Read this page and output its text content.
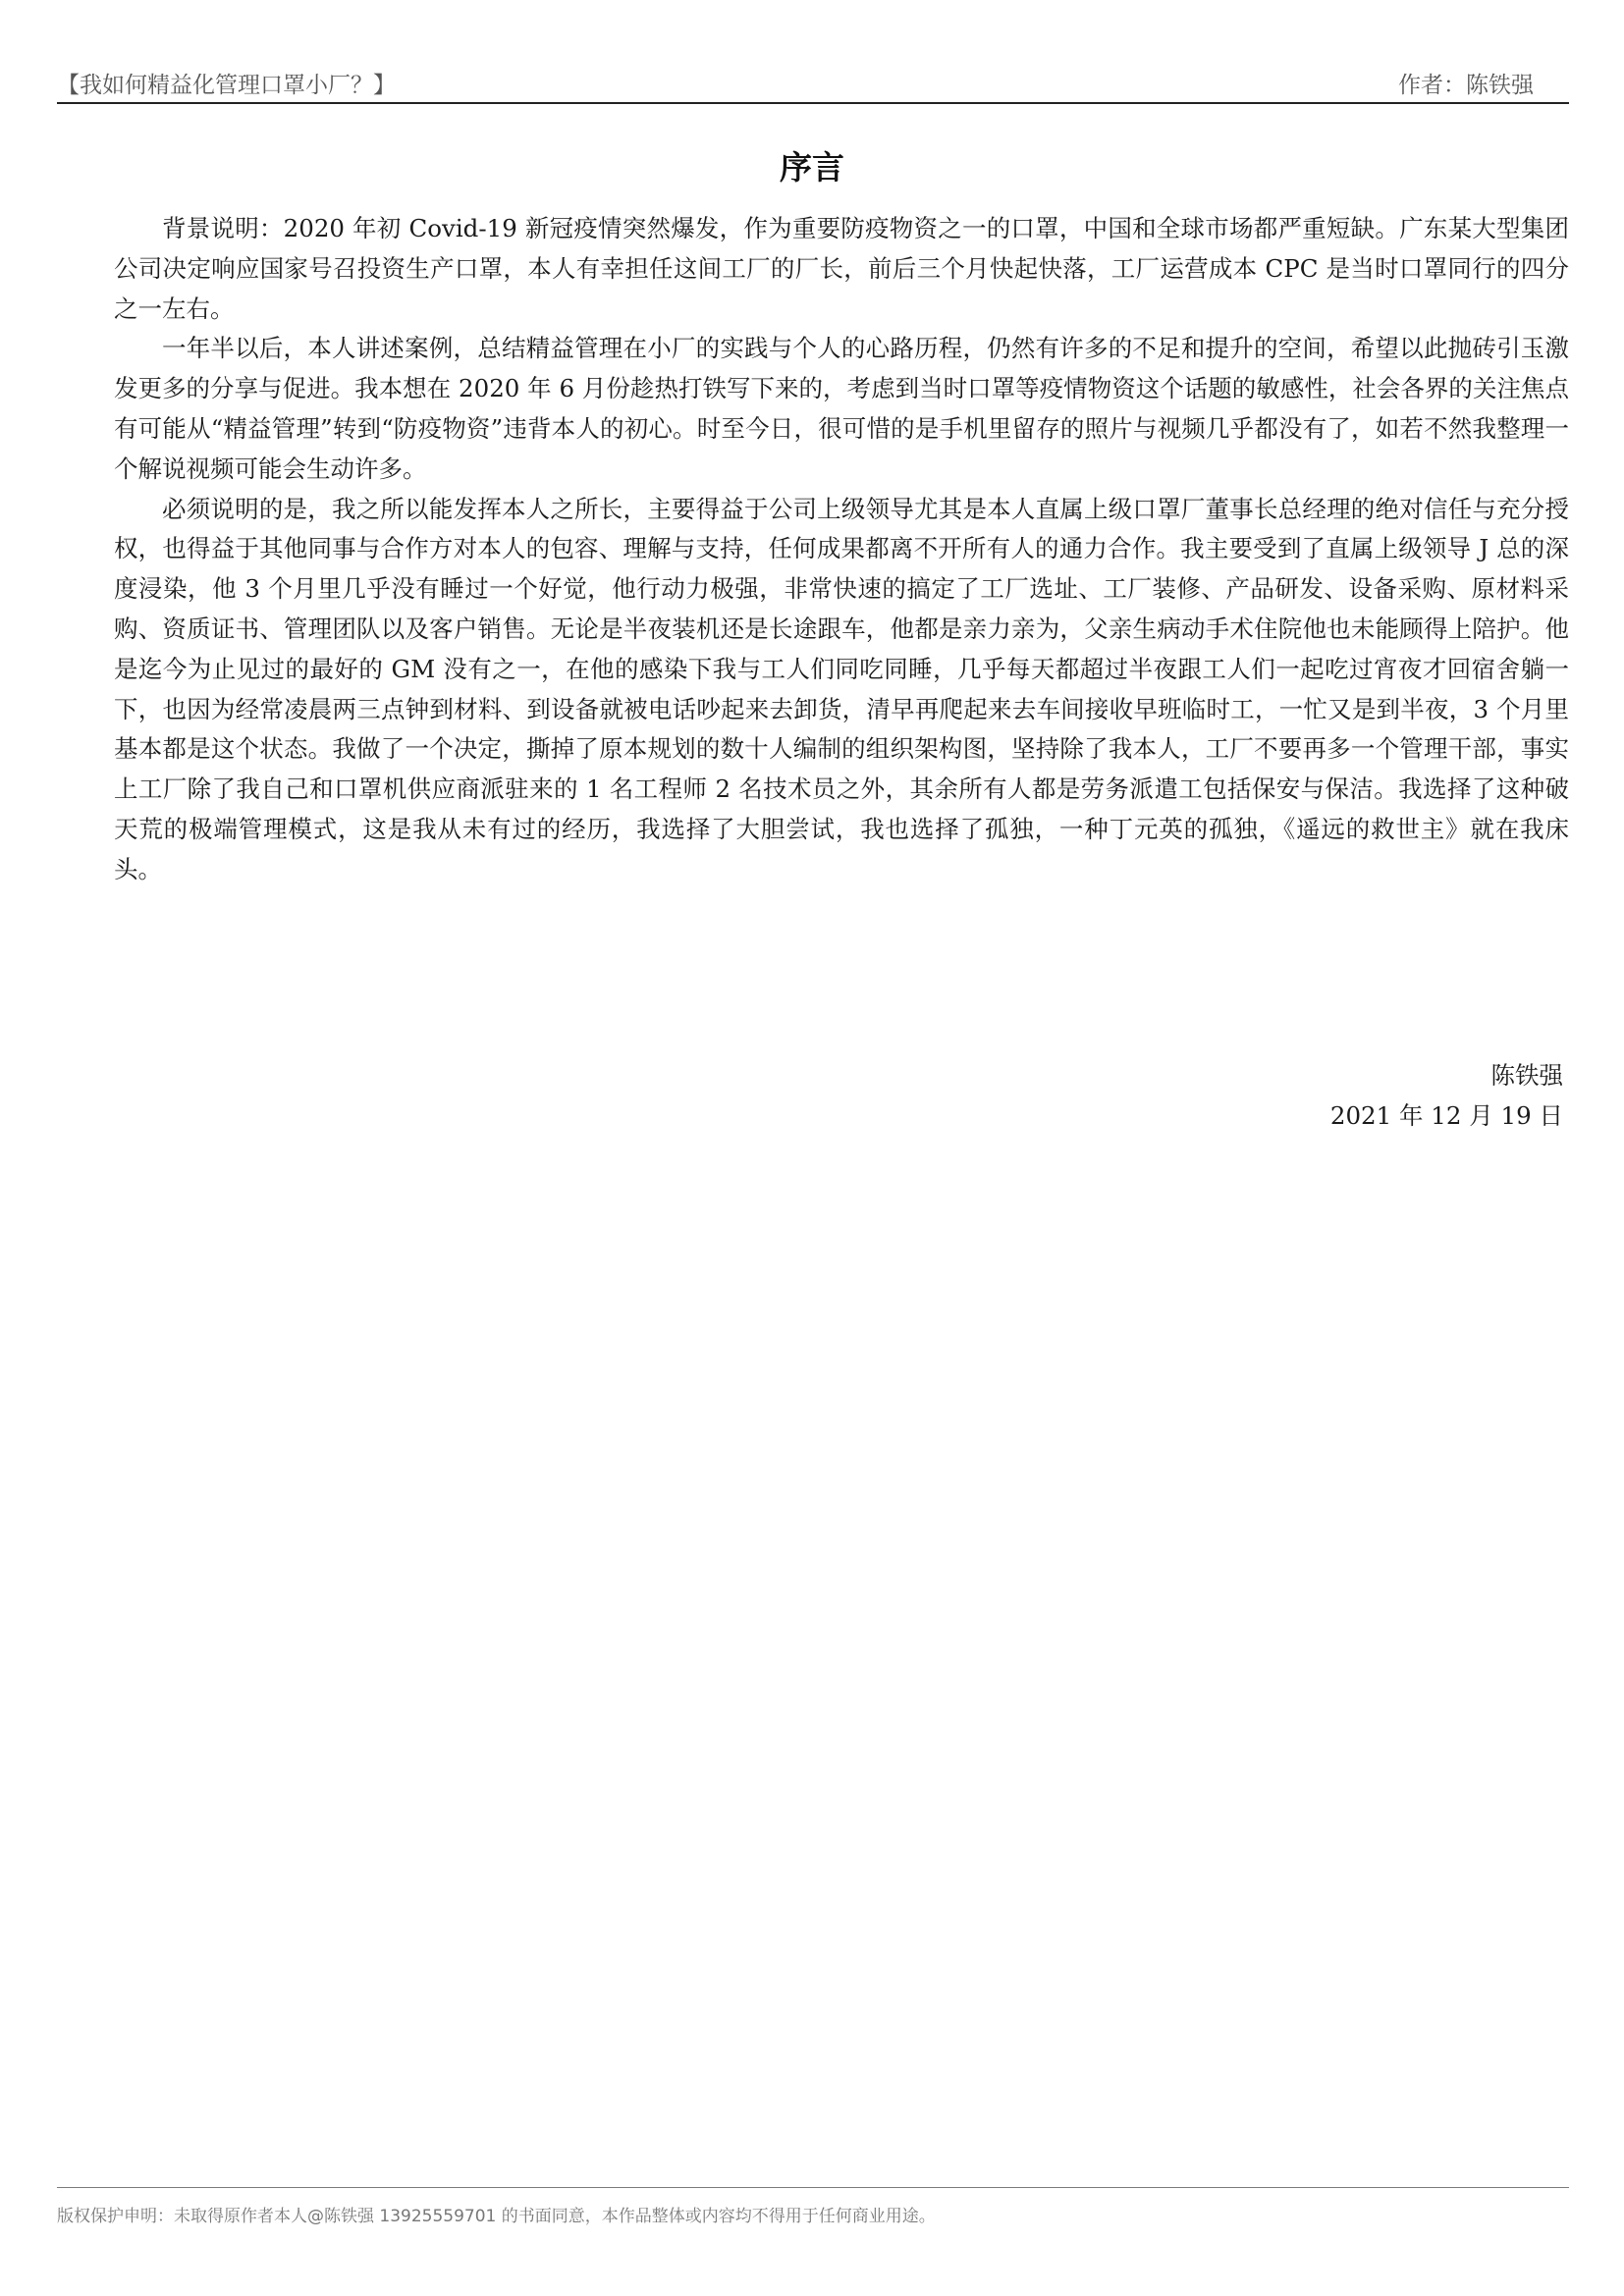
【我如何精益化管理口罩小厂？】	作者：陈铁强
序言

背景说明：2020 年初 Covid-19 新冠疫情突然爆发，作为重要防疫物资之一的口罩，中国和全球市场都严重短缺。广东某大型集团公司决定响应国家号召投资生产口罩，本人有幸担任这间工厂的厂长，前后三个月快起快落，工厂运营成本 CPC 是当时口罩同行的四分之一左右。

一年半以后，本人讲述案例，总结精益管理在小厂的实践与个人的心路历程，仍然有许多的不足和提升的空间，希望以此抛砖引玉激发更多的分享与促进。我本想在 2020 年 6 月份趁热打铁写下来的，考虑到当时口罩等疫情物资这个话题的敏感性，社会各界的关注焦点有可能从“精益管理”转到“防疫物资”违背本人的初心。时至今日，很可惜的是手机里留存的照片与视频几乎都没有了，如若不然我整理一个解说视频可能会生动许多。

必须说明的是，我之所以能发挥本人之所长，主要得益于公司上级领导尤其是本人直属上级口罩厂董事长总经理的绝对信任与充分授权，也得益于其他同事与合作方对本人的包容、理解与支持，任何成果都离不开所有人的通力合作。我主要受到了直属上级领导 J 总的深度浸染，他 3 个月里几乎没有睡过一个好觉，他行动力极强，非常快速的搞定了工厂选址、工厂装修、产品研发、设备采购、原材料采购、资质证书、管理团队以及客户销售。无论是半夜装机还是长途跟车，他都是亲力亲为，父亲生病动手术住院他也未能顾得上陪护。他是迄今为止见过的最好的 GM 没有之一，在他的感染下我与工人们同吃同睡，几乎每天都超过半夜跟工人们一起吃过宵夜才回宿舍躺一下，也因为经常凌晨两三点钟到材料、到设备就被电话吵起来去卸货，清早再爬起来去车间接收早班临时工，一忙又是到半夜，3 个月里基本都是这个状态。我做了一个决定，撕掉了原本规划的数十人编制的组织架构图，坚持除了我本人，工厂不要再多一个管理干部，事实上工厂除了我自己和口罩机供应商派驻来的 1 名工程师 2 名技术员之外，其余所有人都是劳务派遣工包括保安与保洁。我选择了这种破天荒的极端管理模式，这是我从未有过的经历，我选择了大胆尝试，我也选择了孤独，一种丁元英的孤独，《遥远的救世主》就在我床头。

陈铁强
2021 年 12 月 19 日
版权保护申明：未取得原作者本人@陈铁强 13925559701 的书面同意，本作品整体或内容均不得用于任何商业用途。
